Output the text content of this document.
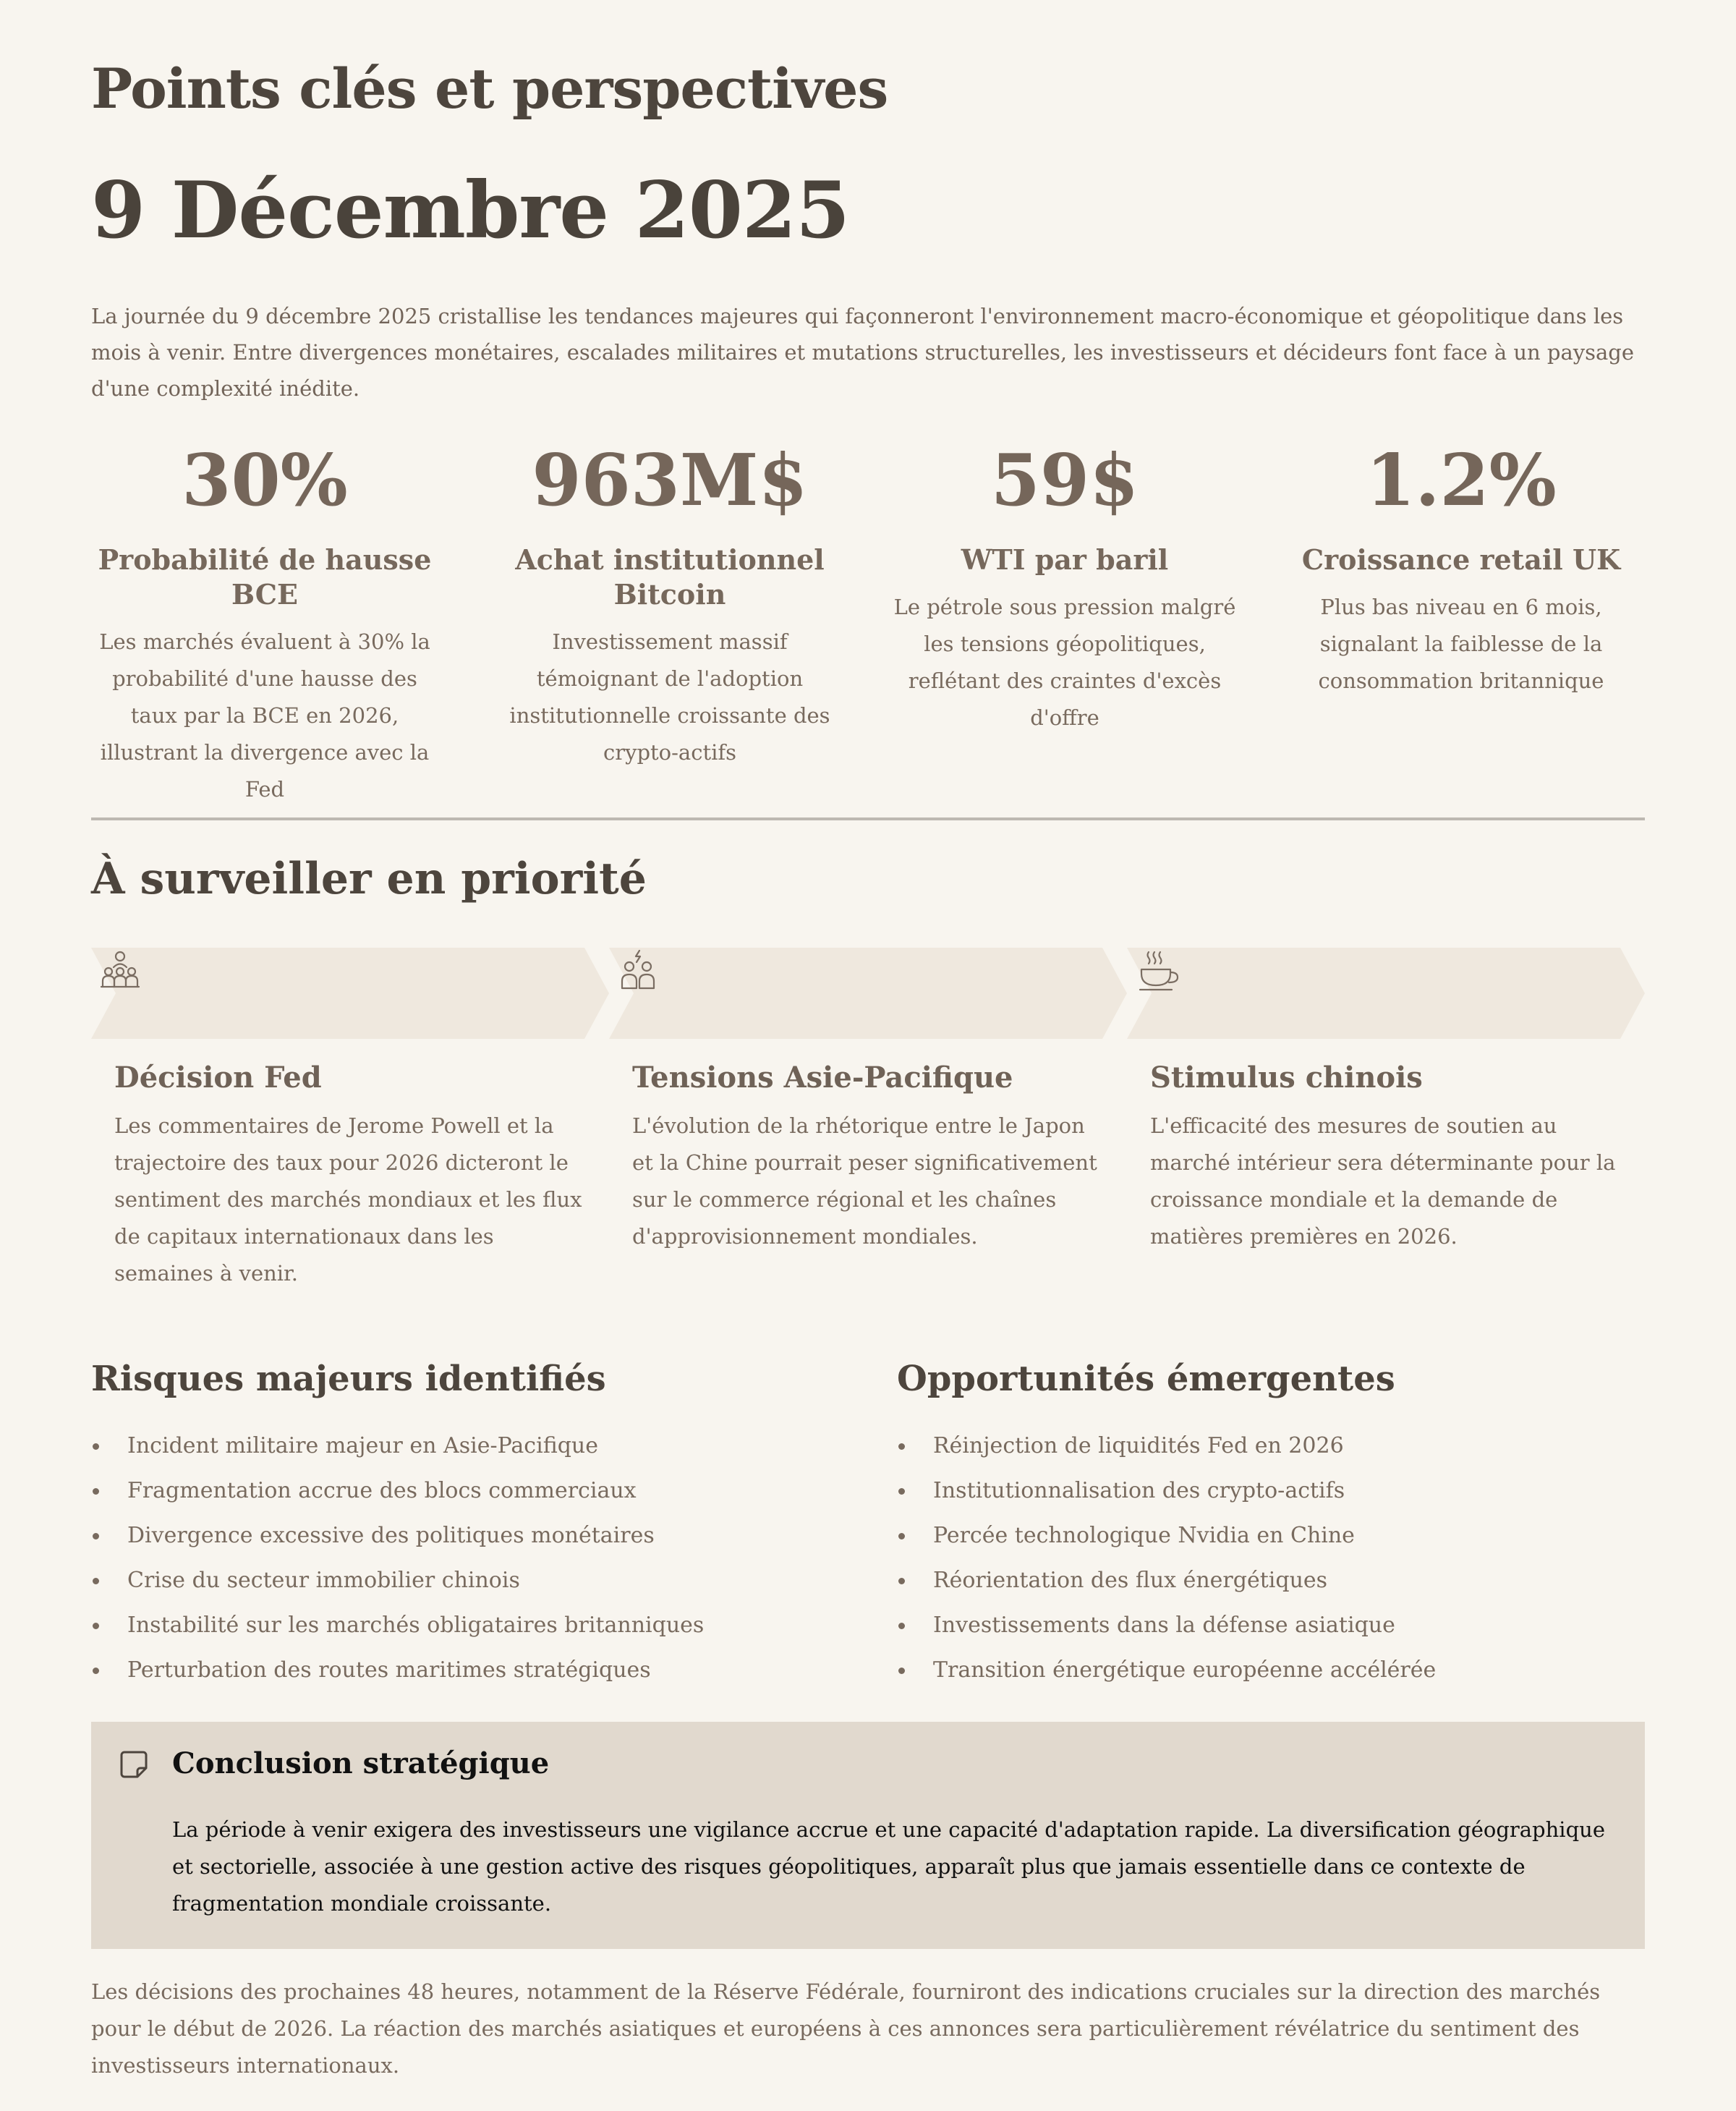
Points clés et perspectives
9 Décembre 2025

La journée du 9 décembre 2025 cristallise les tendances majeures qui façonneront l'environnement macro-économique et géopolitique dans les mois à venir. Entre divergences monétaires, escalades militaires et mutations structurelles, les investisseurs et décideurs font face à un paysage d'une complexité inédite.

30%
Probabilité de hausse BCE
Les marchés évaluent à 30% la probabilité d'une hausse des taux par la BCE en 2026, illustrant la divergence avec la Fed
963M$
Achat institutionnel Bitcoin
Investissement massif témoignant de l'adoption institutionnelle croissante des crypto-actifs
59$
WTI par baril
Le pétrole sous pression malgré les tensions géopolitiques, reflétant des craintes d'excès d'offre
1.2%
Croissance retail UK
Plus bas niveau en 6 mois, signalant la faiblesse de la consommation britannique
À surveiller en priorité
Décision Fed
Les commentaires de Jerome Powell et la trajectoire des taux pour 2026 dicteront le sentiment des marchés mondiaux et les flux de capitaux internationaux dans les semaines à venir.
Tensions Asie-Pacifique
L'évolution de la rhétorique entre le Japon et la Chine pourrait peser significativement sur le commerce régional et les chaînes d'approvisionnement mondiales.
Stimulus chinois
L'efficacité des mesures de soutien au marché intérieur sera déterminante pour la croissance mondiale et la demande de matières premières en 2026.
Risques majeurs identifiés
Incident militaire majeur en Asie-Pacifique
Fragmentation accrue des blocs commerciaux
Divergence excessive des politiques monétaires
Crise du secteur immobilier chinois
Instabilité sur les marchés obligataires britanniques
Perturbation des routes maritimes stratégiques
Opportunités émergentes
Réinjection de liquidités Fed en 2026
Institutionnalisation des crypto-actifs
Percée technologique Nvidia en Chine
Réorientation des flux énergétiques
Investissements dans la défense asiatique
Transition énergétique européenne accélérée
Conclusion stratégique

La période à venir exigera des investisseurs une vigilance accrue et une capacité d'adaptation rapide. La diversification géographique et sectorielle, associée à une gestion active des risques géopolitiques, apparaît plus que jamais essentielle dans ce contexte de fragmentation mondiale croissante.

Les décisions des prochaines 48 heures, notamment de la Réserve Fédérale, fourniront des indications cruciales sur la direction des marchés pour le début de 2026. La réaction des marchés asiatiques et européens à ces annonces sera particulièrement révélatrice du sentiment des investisseurs internationaux.
